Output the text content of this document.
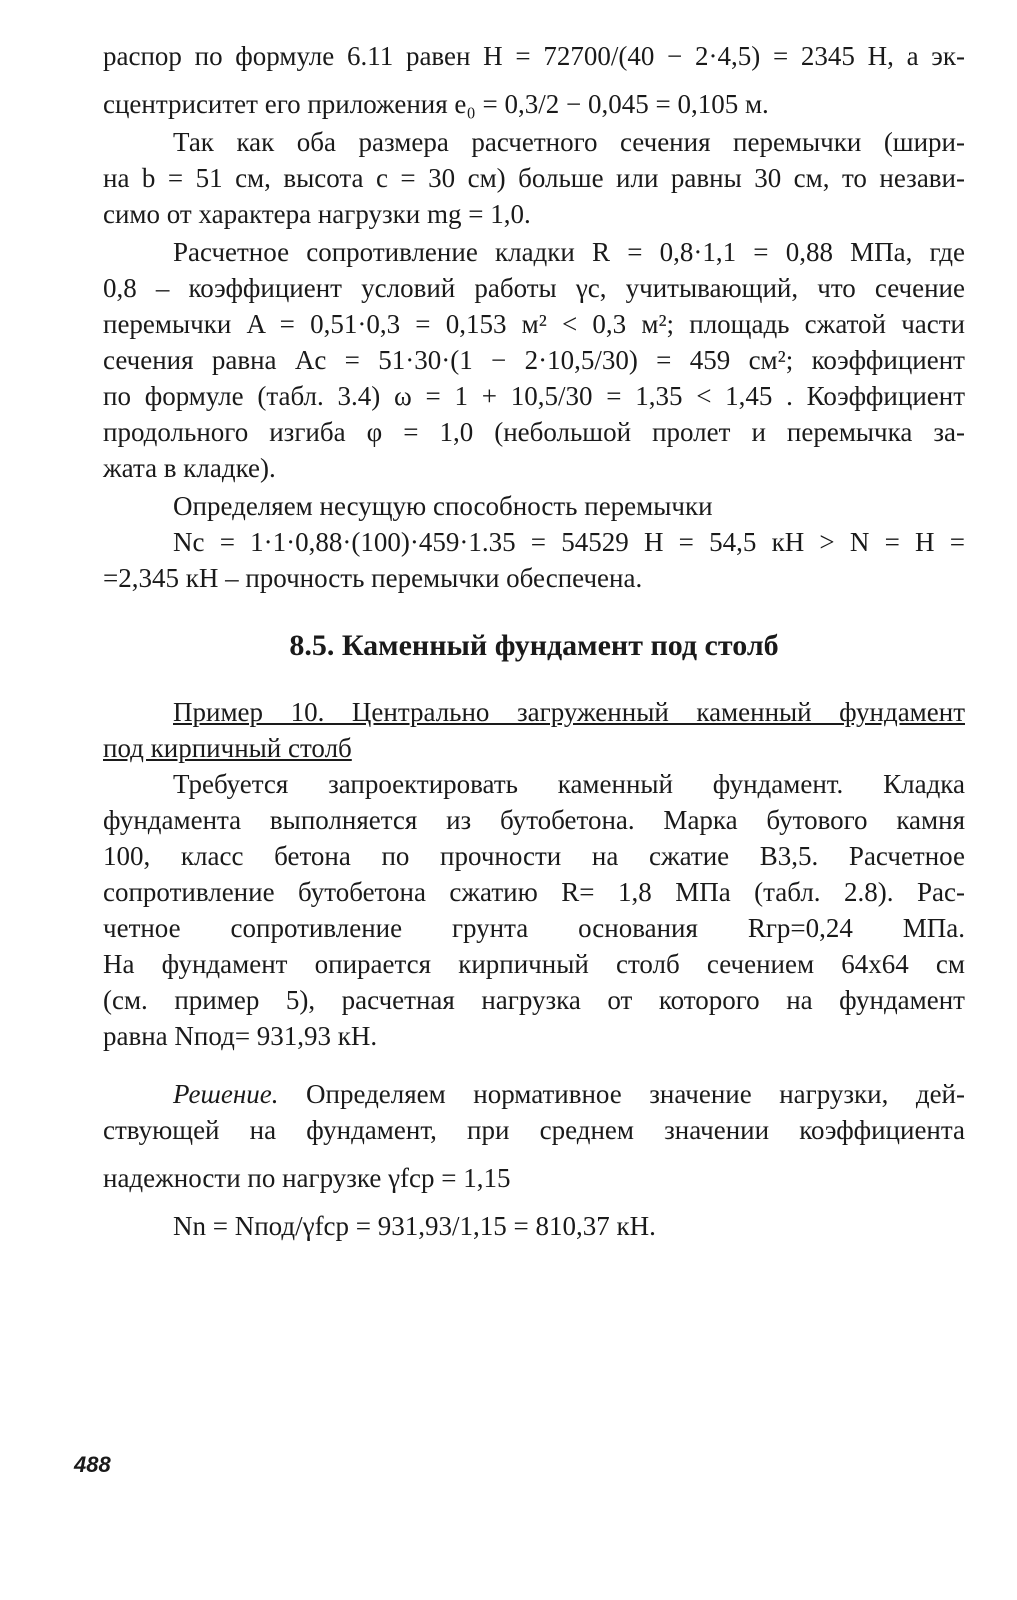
распор по формуле 6.11 равен H = 72700/(40 − 2·4,5) = 2345 Н, а эк-
сцентриситет его приложения e₀ = 0,3/2 − 0,045 = 0,105 м.
Так как оба размера расчетного сечения перемычки (шири-
на b = 51 см, высота c = 30 см) больше или равны 30 см, то незави-
симо от характера нагрузки mg = 1,0.
Расчетное сопротивление кладки R = 0,8·1,1 = 0,88 МПа, где
0,8 – коэффициент условий работы γc, учитывающий, что сечение
перемычки A = 0,51·0,3 = 0,153 м² < 0,3 м²; площадь сжатой части
сечения равна Ac = 51·30·(1 − 2·10,5/30) = 459 см²; коэффициент
по формуле (табл. 3.4) ω = 1 + 10,5/30 = 1,35 < 1,45 . Коэффициент
продольного изгиба φ = 1,0 (небольшой пролет и перемычка за-
жата в кладке).
Определяем несущую способность перемычки
Nc = 1·1·0,88·(100)·459·1.35 = 54529 Н = 54,5 кН > N = Н =
=2,345 кН – прочность перемычки обеспечена.
8.5. Каменный фундамент под столб
Пример 10. Центрально загруженный каменный фундамент
под кирпичный столб
Требуется запроектировать каменный фундамент. Кладка
фундамента выполняется из бутобетона. Марка бутового камня
100, класс бетона по прочности на сжатие В3,5. Расчетное
сопротивление бутобетона сжатию R= 1,8 МПа (табл. 2.8). Рас-
четное сопротивление грунта основания Rгр=0,24 МПа.
На фундамент опирается кирпичный столб сечением 64х64 см
(см. пример 5), расчетная нагрузка от которого на фундамент
равна Nпод= 931,93 кН.
Решение. Определяем нормативное значение нагрузки, дей-
ствующей на фундамент, при среднем значении коэффициента
надежности по нагрузке γfср = 1,15
Nn = Nпод/γfср = 931,93/1,15 = 810,37 кН.
488
